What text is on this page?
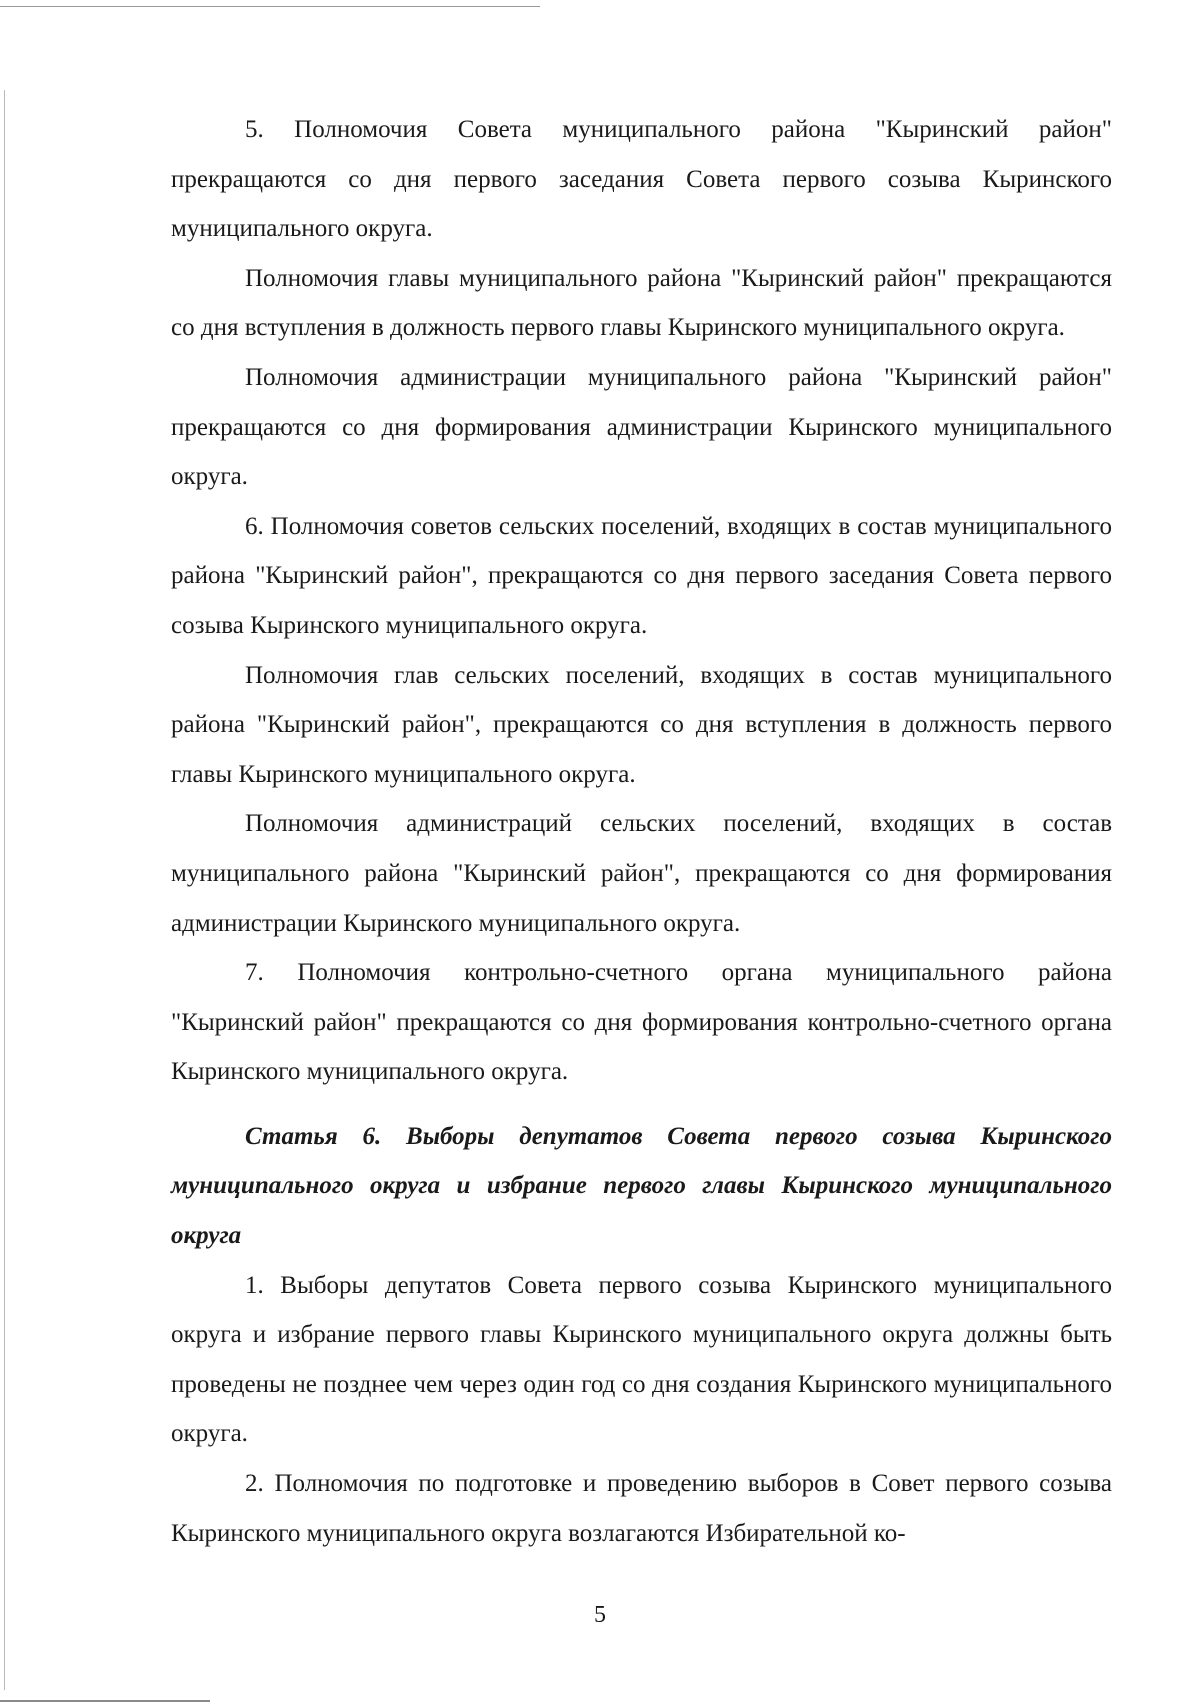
5. Полномочия Совета муниципального района "Кыринский район" прекращаются со дня первого заседания Совета первого созыва Кыринского муниципального округа.

Полномочия главы муниципального района "Кыринский район" прекращаются со дня вступления в должность первого главы Кыринского муниципального округа.

Полномочия администрации муниципального района "Кыринский район" прекращаются со дня формирования администрации Кыринского муниципального округа.

6. Полномочия советов сельских поселений, входящих в состав муниципального района "Кыринский район", прекращаются со дня первого заседания Совета первого созыва Кыринского муниципального округа.

Полномочия глав сельских поселений, входящих в состав муниципального района "Кыринский район", прекращаются со дня вступления в должность первого главы Кыринского муниципального округа.

Полномочия администраций сельских поселений, входящих в состав муниципального района "Кыринский район", прекращаются со дня формирования администрации Кыринского муниципального округа.

7. Полномочия контрольно-счетного органа муниципального района "Кыринский район" прекращаются со дня формирования контрольно-счетного органа Кыринского муниципального округа.

Статья 6. Выборы депутатов Совета первого созыва Кыринского муниципального округа и избрание первого главы Кыринского муниципального округа

1. Выборы депутатов Совета первого созыва Кыринского муниципального округа и избрание первого главы Кыринского муниципального округа должны быть проведены не позднее чем через один год со дня создания Кыринского муниципального округа.

2. Полномочия по подготовке и проведению выборов в Совет первого созыва Кыринского муниципального округа возлагаются Избирательной ко-

5
